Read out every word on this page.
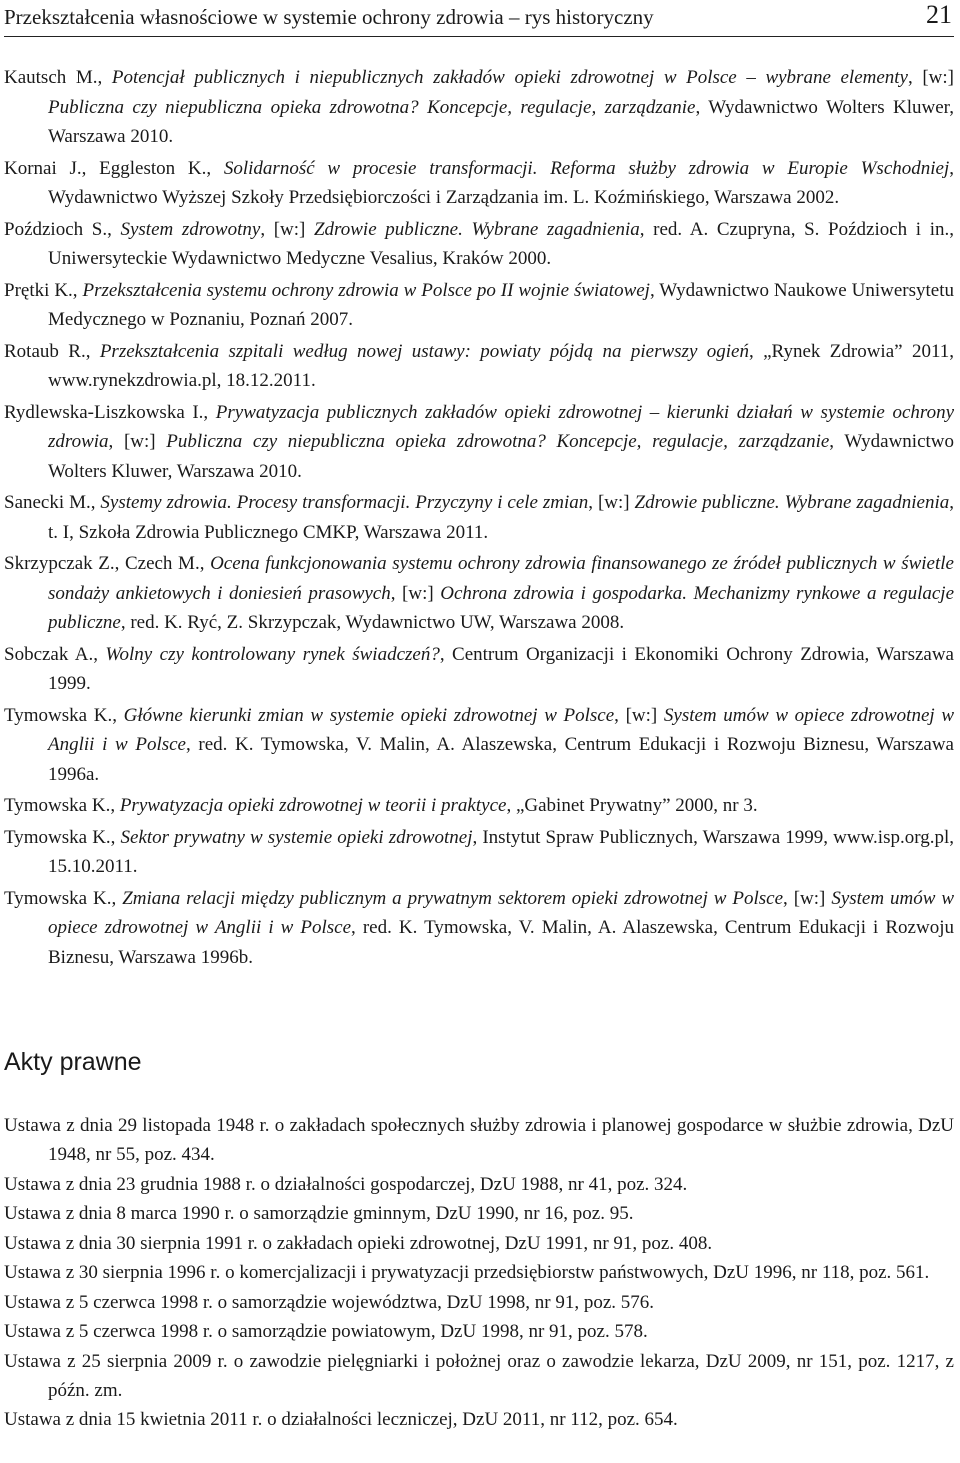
Przekształcenia własnościowe w systemie ochrony zdrowia – rys historyczny	21

Kautsch M., Potencjał publicznych i niepublicznych zakładów opieki zdrowotnej w Polsce – wybrane elementy, [w:] Publiczna czy niepubliczna opieka zdrowotna? Koncepcje, regulacje, zarządzanie, Wydawnictwo Wolters Kluwer, Warszawa 2010.

Kornai J., Eggleston K., Solidarność w procesie transformacji. Reforma służby zdrowia w Europie Wschodniej, Wydawnictwo Wyższej Szkoły Przedsiębiorczości i Zarządzania im. L. Koźmińskiego, Warszawa 2002.

Poździoch S., System zdrowotny, [w:] Zdrowie publiczne. Wybrane zagadnienia, red. A. Czupryna, S. Poździoch i in., Uniwersyteckie Wydawnictwo Medyczne Vesalius, Kraków 2000.

Prętki K., Przekształcenia systemu ochrony zdrowia w Polsce po II wojnie światowej, Wydawnictwo Naukowe Uniwersytetu Medycznego w Poznaniu, Poznań 2007.

Rotaub R., Przekształcenia szpitali według nowej ustawy: powiaty pójdą na pierwszy ogień, „Rynek Zdrowia” 2011, www.rynekzdrowia.pl, 18.12.2011.

Rydlewska-Liszkowska I., Prywatyzacja publicznych zakładów opieki zdrowotnej – kierunki działań w systemie ochrony zdrowia, [w:] Publiczna czy niepubliczna opieka zdrowotna? Koncepcje, regulacje, zarządzanie, Wydawnictwo Wolters Kluwer, Warszawa 2010.

Sanecki M., Systemy zdrowia. Procesy transformacji. Przyczyny i cele zmian, [w:] Zdrowie publiczne. Wybrane zagadnienia, t. I, Szkoła Zdrowia Publicznego CMKP, Warszawa 2011.

Skrzypczak Z., Czech M., Ocena funkcjonowania systemu ochrony zdrowia finansowanego ze źródeł publicznych w świetle sondaży ankietowych i doniesień prasowych, [w:] Ochrona zdrowia i gospodarka. Mechanizmy rynkowe a regulacje publiczne, red. K. Ryć, Z. Skrzypczak, Wydawnictwo UW, Warszawa 2008.

Sobczak A., Wolny czy kontrolowany rynek świadczeń?, Centrum Organizacji i Ekonomiki Ochrony Zdrowia, Warszawa 1999.

Tymowska K., Główne kierunki zmian w systemie opieki zdrowotnej w Polsce, [w:] System umów w opiece zdrowotnej w Anglii i w Polsce, red. K. Tymowska, V. Malin, A. Alaszewska, Centrum Edukacji i Rozwoju Biznesu, Warszawa 1996a.

Tymowska K., Prywatyzacja opieki zdrowotnej w teorii i praktyce, „Gabinet Prywatny” 2000, nr 3.

Tymowska K., Sektor prywatny w systemie opieki zdrowotnej, Instytut Spraw Publicznych, Warszawa 1999, www.isp.org.pl, 15.10.2011.

Tymowska K., Zmiana relacji między publicznym a prywatnym sektorem opieki zdrowotnej w Polsce, [w:] System umów w opiece zdrowotnej w Anglii i w Polsce, red. K. Tymowska, V. Malin, A. Alaszewska, Centrum Edukacji i Rozwoju Biznesu, Warszawa 1996b.

Akty prawne

Ustawa z dnia 29 listopada 1948 r. o zakładach społecznych służby zdrowia i planowej gospodarce w służbie zdrowia, DzU 1948, nr 55, poz. 434.

Ustawa z dnia 23 grudnia 1988 r. o działalności gospodarczej, DzU 1988, nr 41, poz. 324.

Ustawa z dnia 8 marca 1990 r. o samorządzie gminnym, DzU 1990, nr 16, poz. 95.

Ustawa z dnia 30 sierpnia 1991 r. o zakładach opieki zdrowotnej, DzU 1991, nr 91, poz. 408.

Ustawa z 30 sierpnia 1996 r. o komercjalizacji i prywatyzacji przedsiębiorstw państwowych, DzU 1996, nr 118, poz. 561.

Ustawa z 5 czerwca 1998 r. o samorządzie województwa, DzU 1998, nr 91, poz. 576.

Ustawa z 5 czerwca 1998 r. o samorządzie powiatowym, DzU 1998, nr 91, poz. 578.

Ustawa z 25 sierpnia 2009 r. o zawodzie pielęgniarki i położnej oraz o zawodzie lekarza, DzU 2009, nr 151, poz. 1217, z późn. zm.

Ustawa z dnia 15 kwietnia 2011 r. o działalności leczniczej, DzU 2011, nr 112, poz. 654.
